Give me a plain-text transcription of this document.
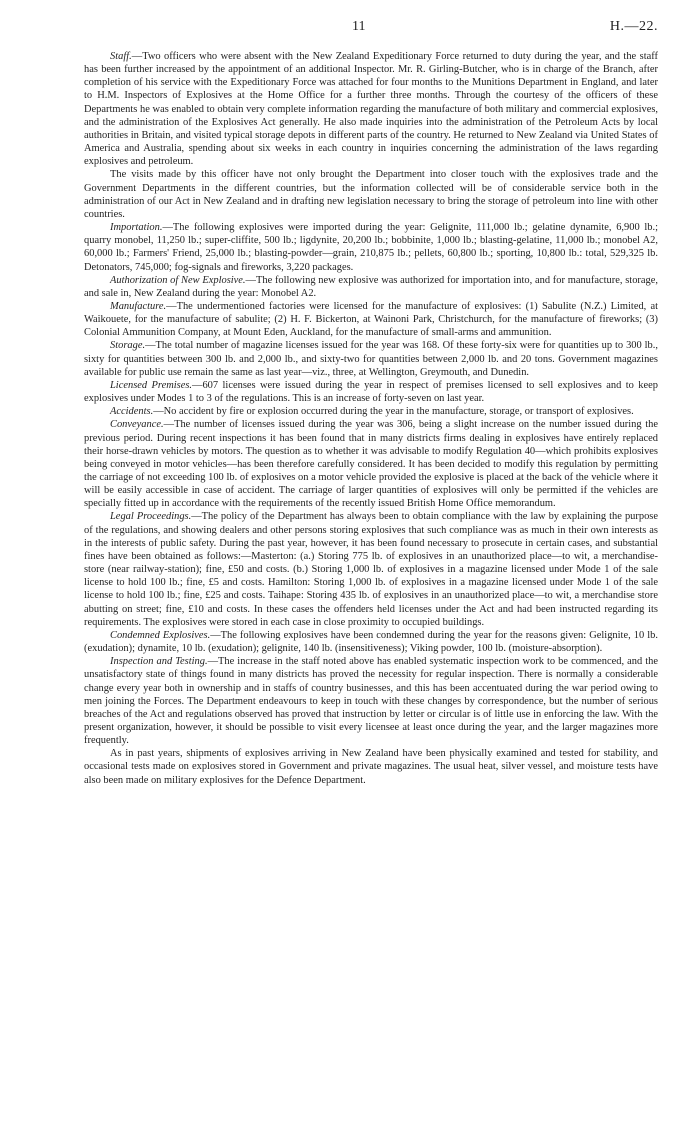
11	H.—22.

Staff.—Two officers who were absent with the New Zealand Expeditionary Force returned to duty during the year, and the staff has been further increased by the appointment of an additional Inspector. Mr. R. Girling-Butcher, who is in charge of the Branch, after completion of his service with the Expeditionary Force was attached for four months to the Munitions Department in England, and later to H.M. Inspectors of Explosives at the Home Office for a further three months. Through the courtesy of the officers of these Departments he was enabled to obtain very complete information regarding the manufacture of both military and commercial explosives, and the administration of the Explosives Act generally. He also made inquiries into the administration of the Petroleum Acts by local authorities in Britain, and visited typical storage depots in different parts of the country. He returned to New Zealand via United States of America and Australia, spending about six weeks in each country in inquiries concerning the administration of the laws regarding explosives and petroleum.

The visits made by this officer have not only brought the Department into closer touch with the explosives trade and the Government Departments in the different countries, but the information collected will be of considerable service both in the administration of our Act in New Zealand and in drafting new legislation necessary to bring the storage of petroleum into line with other countries.

Importation.—The following explosives were imported during the year: Gelignite, 111,000 lb.; gelatine dynamite, 6,900 lb.; quarry monobel, 11,250 lb.; super-cliffite, 500 lb.; ligdynite, 20,200 lb.; bobbinite, 1,000 lb.; blasting-gelatine, 11,000 lb.; monobel A2, 60,000 lb.; Farmers' Friend, 25,000 lb.; blasting-powder—grain, 210,875 lb.; pellets, 60,800 lb.; sporting, 10,800 lb.: total, 529,325 lb. Detonators, 745,000; fog-signals and fireworks, 3,220 packages.

Authorization of New Explosive.—The following new explosive was authorized for importation into, and for manufacture, storage, and sale in, New Zealand during the year: Monobel A2.

Manufacture.—The undermentioned factories were licensed for the manufacture of explosives: (1) Sabulite (N.Z.) Limited, at Waikouete, for the manufacture of sabulite; (2) H. F. Bickerton, at Wainoni Park, Christchurch, for the manufacture of fireworks; (3) Colonial Ammunition Company, at Mount Eden, Auckland, for the manufacture of small-arms and ammunition.

Storage.—The total number of magazine licenses issued for the year was 168. Of these forty-six were for quantities up to 300 lb., sixty for quantities between 300 lb. and 2,000 lb., and sixty-two for quantities between 2,000 lb. and 20 tons. Government magazines available for public use remain the same as last year—viz., three, at Wellington, Greymouth, and Dunedin.

Licensed Premises.—607 licenses were issued during the year in respect of premises licensed to sell explosives and to keep explosives under Modes 1 to 3 of the regulations. This is an increase of forty-seven on last year.

Accidents.—No accident by fire or explosion occurred during the year in the manufacture, storage, or transport of explosives.

Conveyance.—The number of licenses issued during the year was 306, being a slight increase on the number issued during the previous period. During recent inspections it has been found that in many districts firms dealing in explosives have entirely replaced their horse-drawn vehicles by motors. The question as to whether it was advisable to modify Regulation 40—which prohibits explosives being conveyed in motor vehicles—has been therefore carefully considered. It has been decided to modify this regulation by permitting the carriage of not exceeding 100 lb. of explosives on a motor vehicle provided the explosive is placed at the back of the vehicle where it will be easily accessible in case of accident. The carriage of larger quantities of explosives will only be permitted if the vehicles are specially fitted up in accordance with the requirements of the recently issued British Home Office memorandum.

Legal Proceedings.—The policy of the Department has always been to obtain compliance with the law by explaining the purpose of the regulations, and showing dealers and other persons storing explosives that such compliance was as much in their own interests as in the interests of public safety. During the past year, however, it has been found necessary to prosecute in certain cases, and substantial fines have been obtained as follows:—Masterton: (a.) Storing 775 lb. of explosives in an unauthorized place—to wit, a merchandise-store (near railway-station); fine, £50 and costs. (b.) Storing 1,000 lb. of explosives in a magazine licensed under Mode 1 of the sale license to hold 100 lb.; fine, £5 and costs. Hamilton: Storing 1,000 lb. of explosives in a magazine licensed under Mode 1 of the sale license to hold 100 lb.; fine, £25 and costs. Taihape: Storing 435 lb. of explosives in an unauthorized place—to wit, a merchandise store abutting on street; fine, £10 and costs. In these cases the offenders held licenses under the Act and had been instructed regarding its requirements. The explosives were stored in each case in close proximity to occupied buildings.

Condemned Explosives.—The following explosives have been condemned during the year for the reasons given: Gelignite, 10 lb. (exudation); dynamite, 10 lb. (exudation); gelignite, 140 lb. (insensitiveness); Viking powder, 100 lb. (moisture-absorption).

Inspection and Testing.—The increase in the staff noted above has enabled systematic inspection work to be commenced, and the unsatisfactory state of things found in many districts has proved the necessity for regular inspection. There is normally a considerable change every year both in ownership and in staffs of country businesses, and this has been accentuated during the war period owing to men joining the Forces. The Department endeavours to keep in touch with these changes by correspondence, but the number of serious breaches of the Act and regulations observed has proved that instruction by letter or circular is of little use in enforcing the law. With the present organization, however, it should be possible to visit every licensee at least once during the year, and the larger magazines more frequently.

As in past years, shipments of explosives arriving in New Zealand have been physically examined and tested for stability, and occasional tests made on explosives stored in Government and private magazines. The usual heat, silver vessel, and moisture tests have also been made on military explosives for the Defence Department.
